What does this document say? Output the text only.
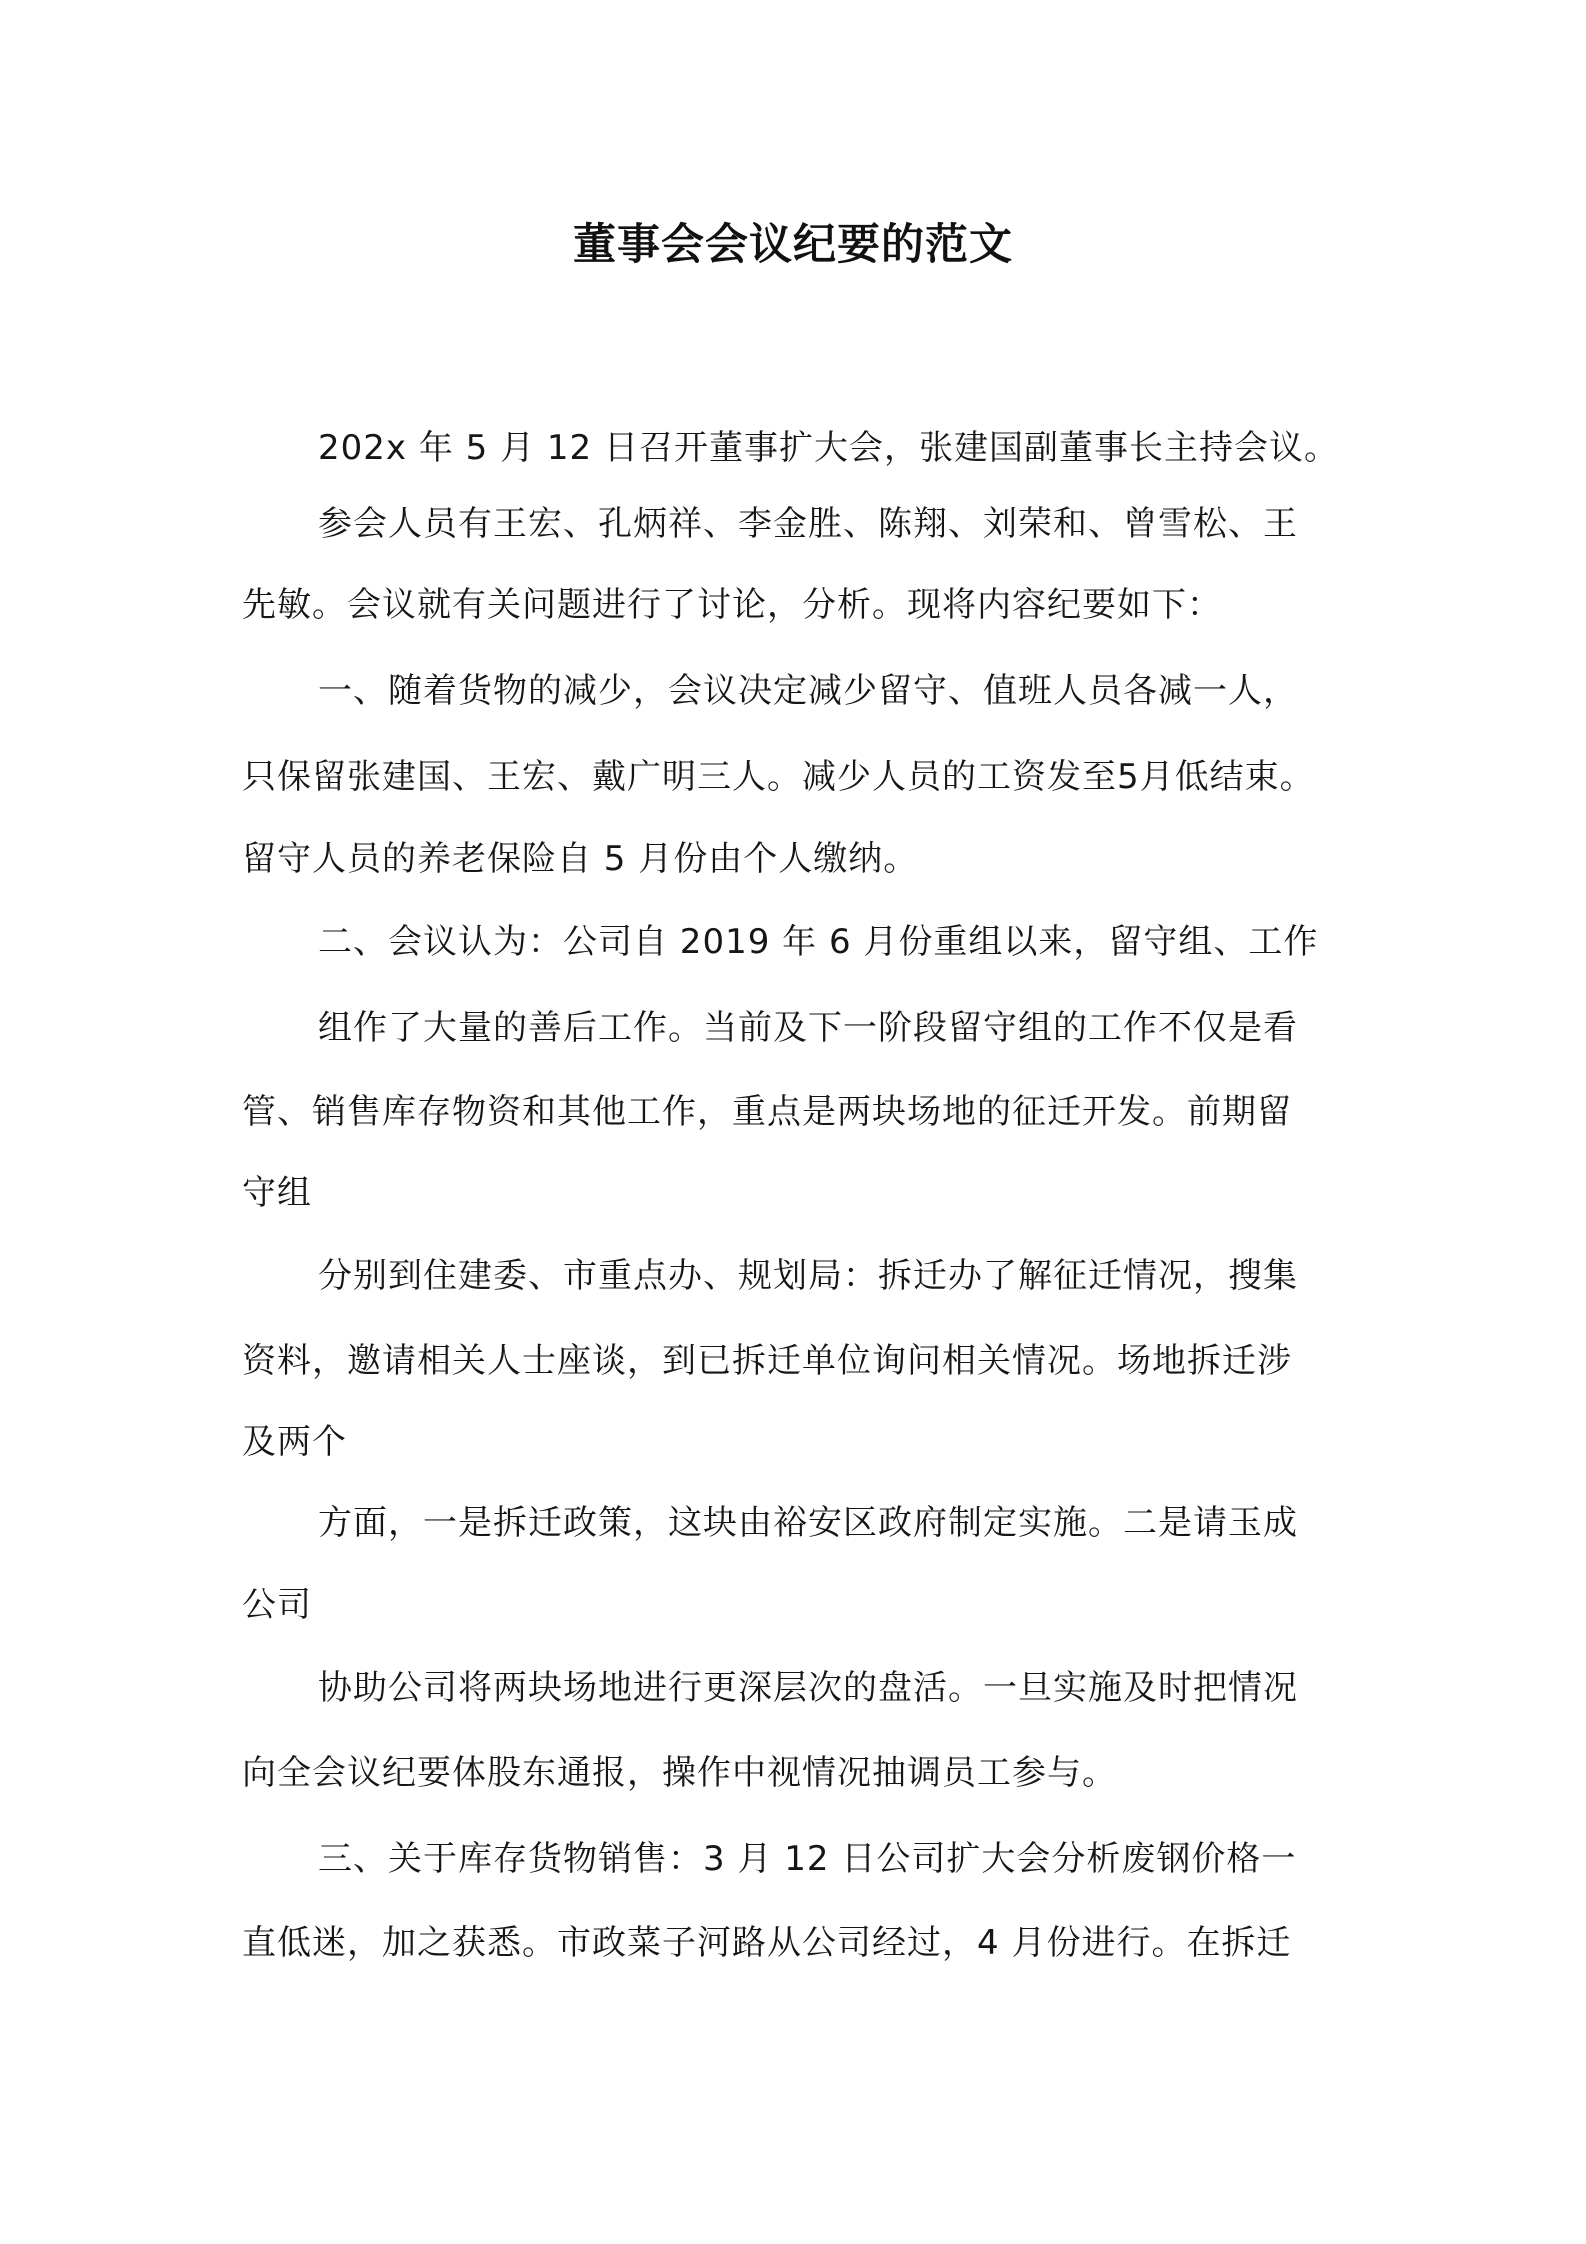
董事会会议纪要的范文
202x 年 5 月 12 日召开董事扩大会，张建国副董事长主持会议。
参会人员有王宏、孔炳祥、李金胜、陈翔、刘荣和、曾雪松、王
先敏。会议就有关问题进行了讨论，分析。现将内容纪要如下：
一、随着货物的减少，会议决定减少留守、值班人员各减一人，
只保留张建国、王宏、戴广明三人。减少人员的工资发至5月低结束。
留守人员的养老保险自 5 月份由个人缴纳。
二、会议认为：公司自 2019 年 6 月份重组以来，留守组、工作
组作了大量的善后工作。当前及下一阶段留守组的工作不仅是看
管、销售库存物资和其他工作，重点是两块场地的征迁开发。前期留
守组
分别到住建委、市重点办、规划局：拆迁办了解征迁情况，搜集
资料，邀请相关人士座谈，到已拆迁单位询问相关情况。场地拆迁涉
及两个
方面，一是拆迁政策，这块由裕安区政府制定实施。二是请玉成
公司
协助公司将两块场地进行更深层次的盘活。一旦实施及时把情况
向全会议纪要体股东通报，操作中视情况抽调员工参与。
三、关于库存货物销售：3 月 12 日公司扩大会分析废钢价格一
直低迷，加之获悉。市政菜子河路从公司经过，4 月份进行。在拆迁
